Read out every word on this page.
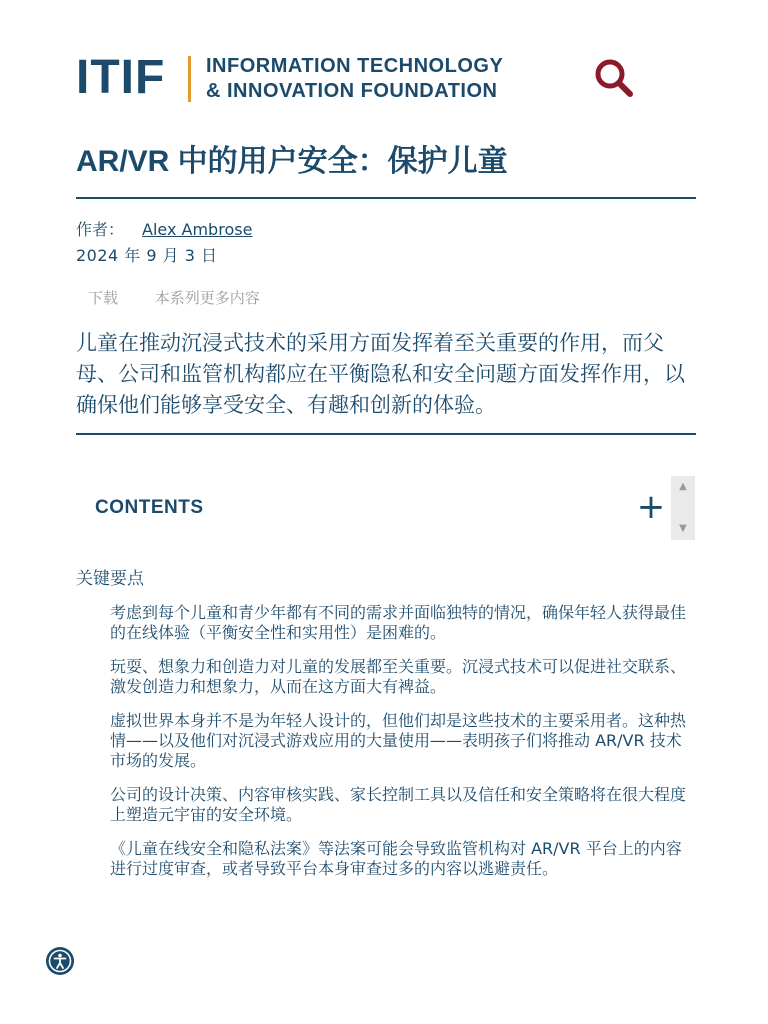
ITIF INFORMATION TECHNOLOGY
& INNOVATION FOUNDATION
AR/VR 中的用户安全：保护儿童
作者： Alex Ambrose
2024 年 9 月 3 日
下载 本系列更多内容

儿童在推动沉浸式技术的采用方面发挥着至关重要的作用，而父母、公司和监管机构都应在平衡隐私和安全问题方面发挥作用，以确保他们能够享受安全、有趣和创新的体验。

CONTENTS	+
▲
▼
关键要点
考虑到每个儿童和青少年都有不同的需求并面临独特的情况，确保年轻人获得最佳的在线体验（平衡安全性和实用性）是困难的。
玩耍、想象力和创造力对儿童的发展都至关重要。沉浸式技术可以促进社交联系、激发创造力和想象力，从而在这方面大有裨益。
虚拟世界本身并不是为年轻人设计的，但他们却是这些技术的主要采用者。这种热情——以及他们对沉浸式游戏应用的大量使用——表明孩子们将推动 AR/VR 技术市场的发展。
公司的设计决策、内容审核实践、家长控制工具以及信任和安全策略将在很大程度上塑造元宇宙的安全环境。
《儿童在线安全和隐私法案》等法案可能会导致监管机构对 AR/VR 平台上的内容进行过度审查，或者导致平台本身审查过多的内容以逃避责任。
